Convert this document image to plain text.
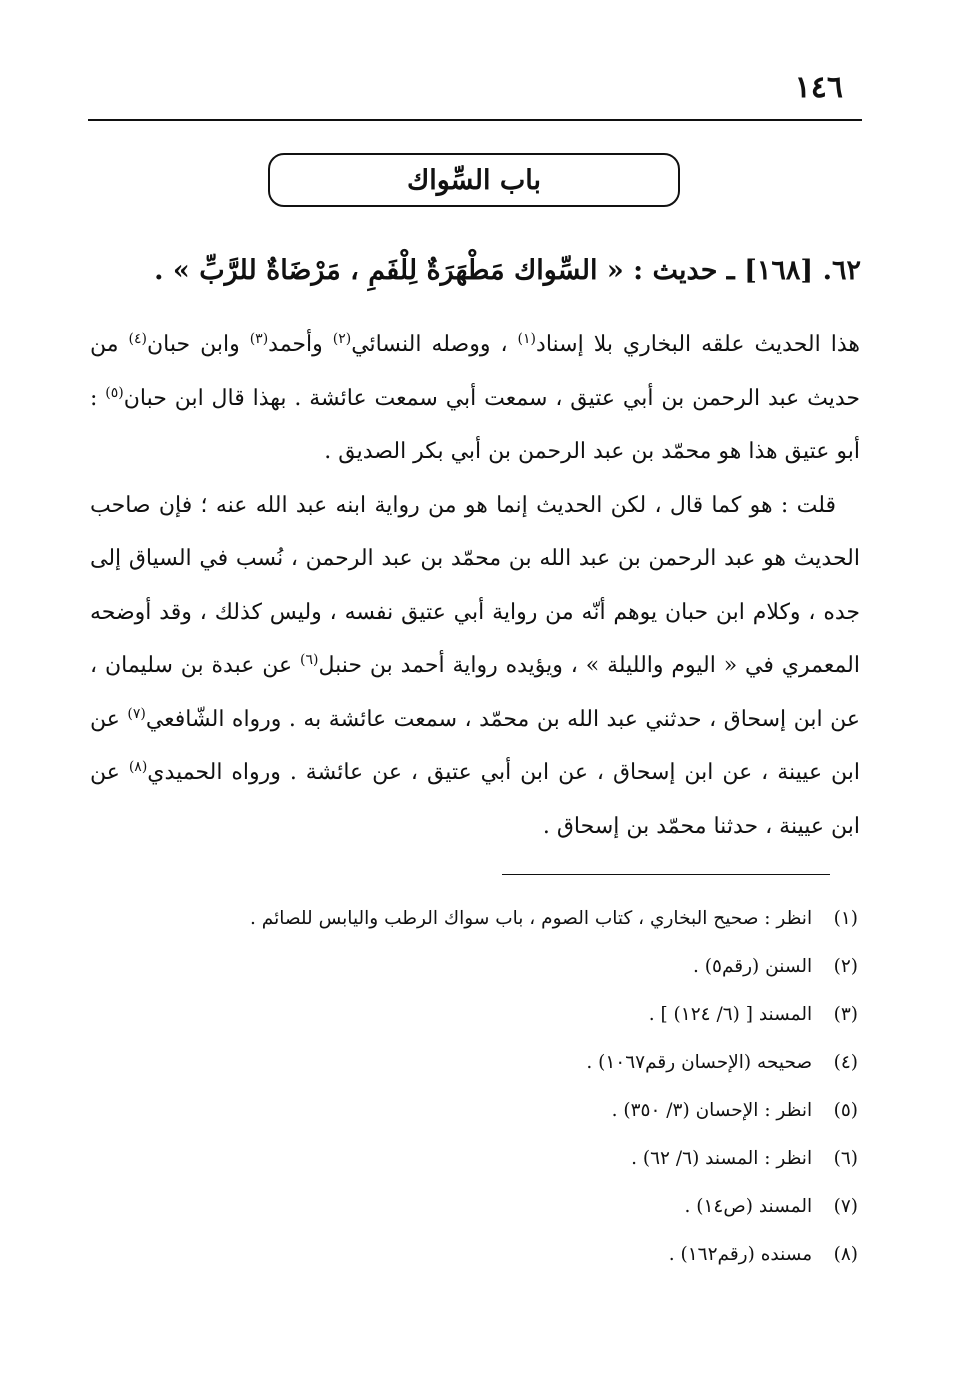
١٤٦
باب السِّواك
٦٢. [١٦٨] ـ حديث : « السِّواك مَطْهَرَةٌ لِلْفَمِ ، مَرْضَاةٌ للرَّبِّ » .

هذا الحديث علقه البخاري بلا إسناد$^{(١)}$ ، ووصله النسائي$^{(٢)}$ وأحمد$^{(٣)}$ وابن حبان$^{(٤)}$ من حديث عبد الرحمن بن أبي عتيق ، سمعت أبي سمعت عائشة . بهذا قال ابن حبان$^{(٥)}$ : أبو عتيق هذا هو محمّد بن عبد الرحمن بن أبي بكر الصديق .

قلت : هو كما قال ، لكن الحديث إنما هو من رواية ابنه عبد الله عنه ؛ فإن صاحب الحديث هو عبد الرحمن بن عبد الله بن محمّد بن عبد الرحمن ، نُسب في السياق إلى جده ، وكلام ابن حبان يوهم أنّه من رواية أبي عتيق نفسه ، وليس كذلك ، وقد أوضحه المعمري في « اليوم والليلة » ، ويؤيده رواية أحمد بن حنبل$^{(٦)}$ عن عبدة بن سليمان ، عن ابن إسحاق ، حدثني عبد الله بن محمّد ، سمعت عائشة به . ورواه الشّافعي$^{(٧)}$ عن ابن عيينة ، عن ابن إسحاق ، عن ابن أبي عتيق ، عن عائشة . ورواه الحميدي$^{(٨)}$ عن ابن عيينة ، حدثنا محمّد بن إسحاق .

(١) انظر : صحيح البخاري ، كتاب الصوم ، باب سواك الرطب واليابس للصائم .
(٢) السنن (رقم٥) .
(٣) المسند [ (٦/ ١٢٤) ] .
(٤) صحيحه (الإحسان رقم١٠٦٧) .
(٥) انظر : الإحسان (٣/ ٣٥٠) .
(٦) انظر : المسند (٦/ ٦٢) .
(٧) المسند (ص١٤) .
(٨) مسنده (رقم١٦٢) .
